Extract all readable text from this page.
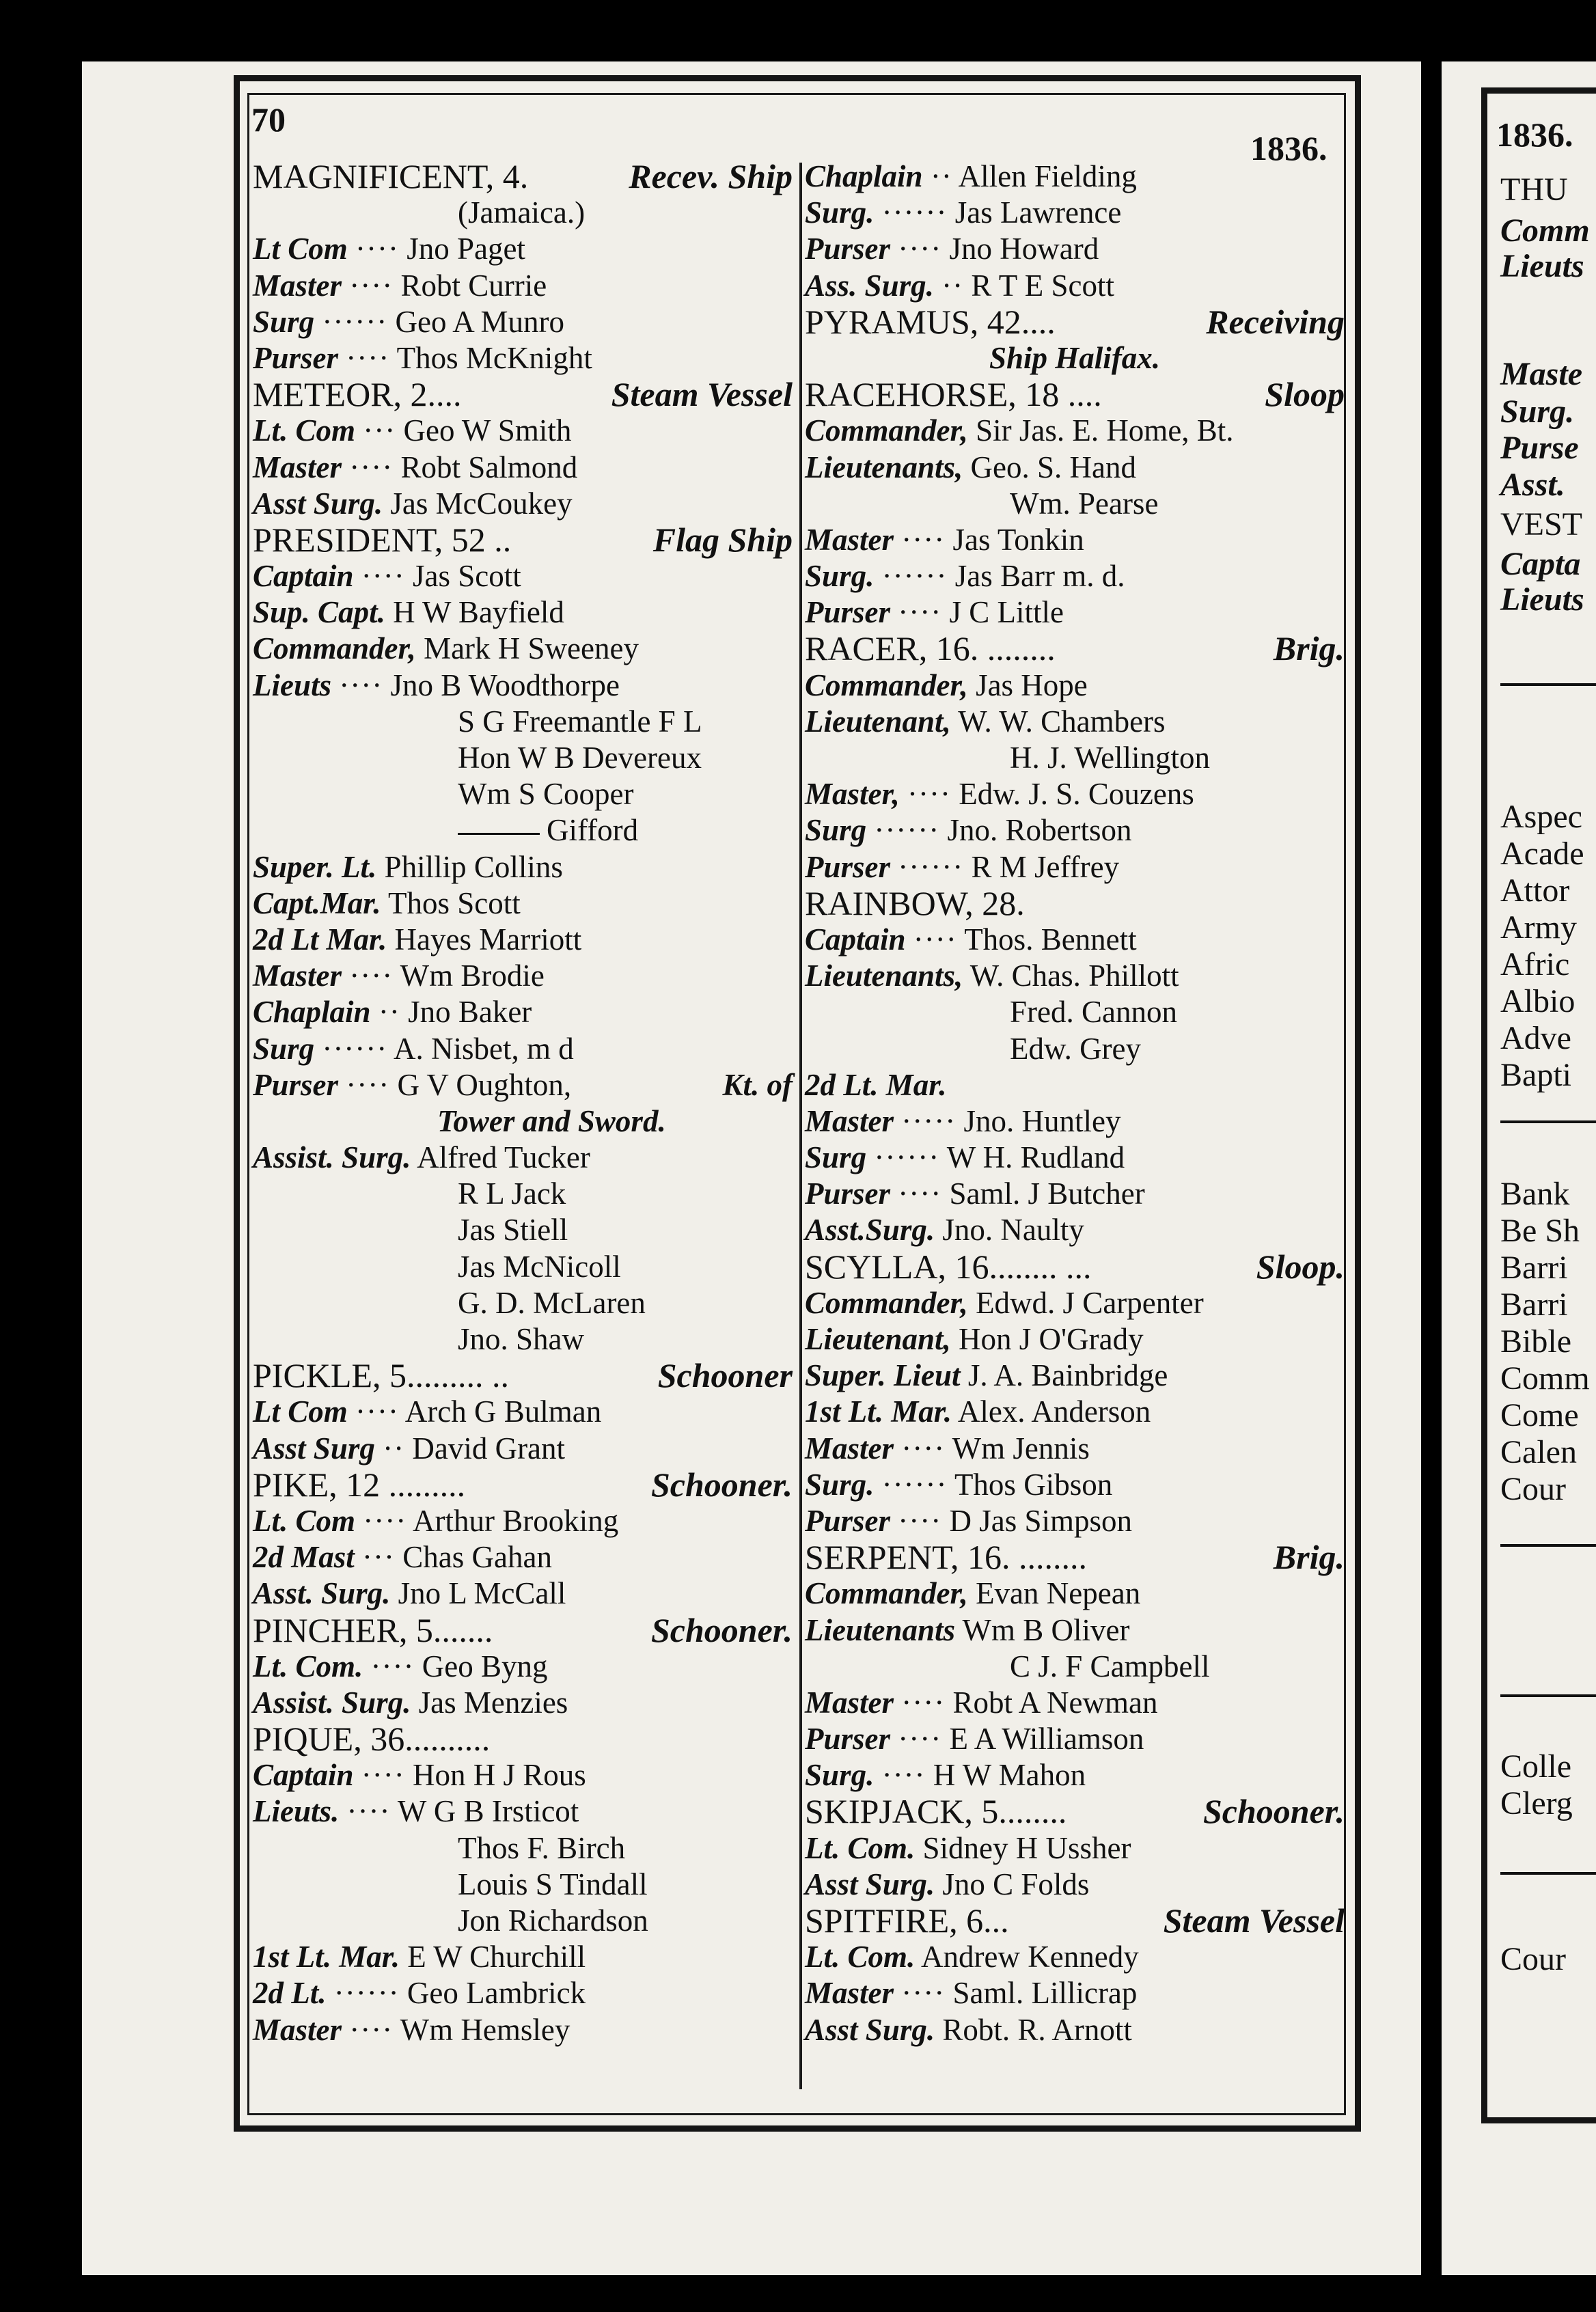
70
1836.
MAGNIFICENT, 4.	Recev. Ship
(Jamaica.)
Lt Com ···· Jno Paget
Master ···· Robt Currie
Surg ······ Geo A Munro
Purser ···· Thos McKnight
METEOR, 2....	Steam Vessel
Lt. Com ··· Geo W Smith
Master ···· Robt Salmond
Asst Surg. Jas McCoukey
PRESIDENT, 52 ..	Flag Ship
Captain ···· Jas Scott
Sup. Capt. H W Bayfield
Commander, Mark H Sweeney
Lieuts ···· Jno B Woodthorpe
S G Freemantle F L
Hon W B Devereux
Wm S Cooper
Gifford
Super. Lt. Phillip Collins
Capt.Mar. Thos Scott
2d Lt Mar. Hayes Marriott
Master ···· Wm Brodie
Chaplain ·· Jno Baker
Surg ······ A. Nisbet, m d
Purser ···· G V Oughton,	Kt. of
Tower and Sword.
Assist. Surg. Alfred Tucker
R L Jack
Jas Stiell
Jas McNicoll
G. D. McLaren
Jno. Shaw
PICKLE, 5......... ..	Schooner
Lt Com ···· Arch G Bulman
Asst Surg ·· David Grant
PIKE, 12 .........	Schooner.
Lt. Com ···· Arthur Brooking
2d Mast ··· Chas Gahan
Asst. Surg. Jno L McCall
PINCHER, 5.......	Schooner.
Lt. Com. ···· Geo Byng
Assist. Surg. Jas Menzies
PIQUE, 36..........
Captain ···· Hon H J Rous
Lieuts. ···· W G B Irsticot
Thos F. Birch
Louis S Tindall
Jon Richardson
1st Lt. Mar. E W Churchill
2d Lt. ······ Geo Lambrick
Master ···· Wm Hemsley
Chaplain ·· Allen Fielding
Surg. ······ Jas Lawrence
Purser ···· Jno Howard
Ass. Surg. ·· R T E Scott
PYRAMUS, 42....	Receiving
Ship Halifax.
RACEHORSE, 18 ....	Sloop
Commander, Sir Jas. E. Home, Bt.
Lieutenants, Geo. S. Hand
Wm. Pearse
Master ···· Jas Tonkin
Surg. ······ Jas Barr m. d.
Purser ···· J C Little
RACER, 16. ........	Brig.
Commander, Jas Hope
Lieutenant, W. W. Chambers
H. J. Wellington
Master, ···· Edw. J. S. Couzens
Surg ······ Jno. Robertson
Purser ······ R M Jeffrey
RAINBOW, 28.
Captain ···· Thos. Bennett
Lieutenants, W. Chas. Phillott
Fred. Cannon
Edw. Grey
2d Lt. Mar.
Master ····· Jno. Huntley
Surg ······ W H. Rudland
Purser ···· Saml. J Butcher
Asst.Surg. Jno. Naulty
SCYLLA, 16........ ...	Sloop.
Commander, Edwd. J Carpenter
Lieutenant, Hon J O'Grady
Super. Lieut J. A. Bainbridge
1st Lt. Mar. Alex. Anderson
Master ···· Wm Jennis
Surg. ······ Thos Gibson
Purser ···· D Jas Simpson
SERPENT, 16. ........	Brig.
Commander, Evan Nepean
Lieutenants Wm B Oliver
C J. F Campbell
Master ···· Robt A Newman
Purser ···· E A Williamson
Surg. ···· H W Mahon
SKIPJACK, 5........	Schooner.
Lt. Com. Sidney H Ussher
Asst Surg. Jno C Folds
SPITFIRE, 6...	Steam Vessel
Lt. Com. Andrew Kennedy
Master ···· Saml. Lillicrap
Asst Surg. Robt. R. Arnott
1836.
THU
Comm
Lieuts
Maste
Surg.
Purse
Asst.
VEST
Capta
Lieuts
Aspec
Acade
Attor
Army
Afric
Albio
Adve
Bapti
Bank
Be Sh
Barri
Barri
Bible
Comm
Come
Calen
Cour
Colle
Clerg
Cour
